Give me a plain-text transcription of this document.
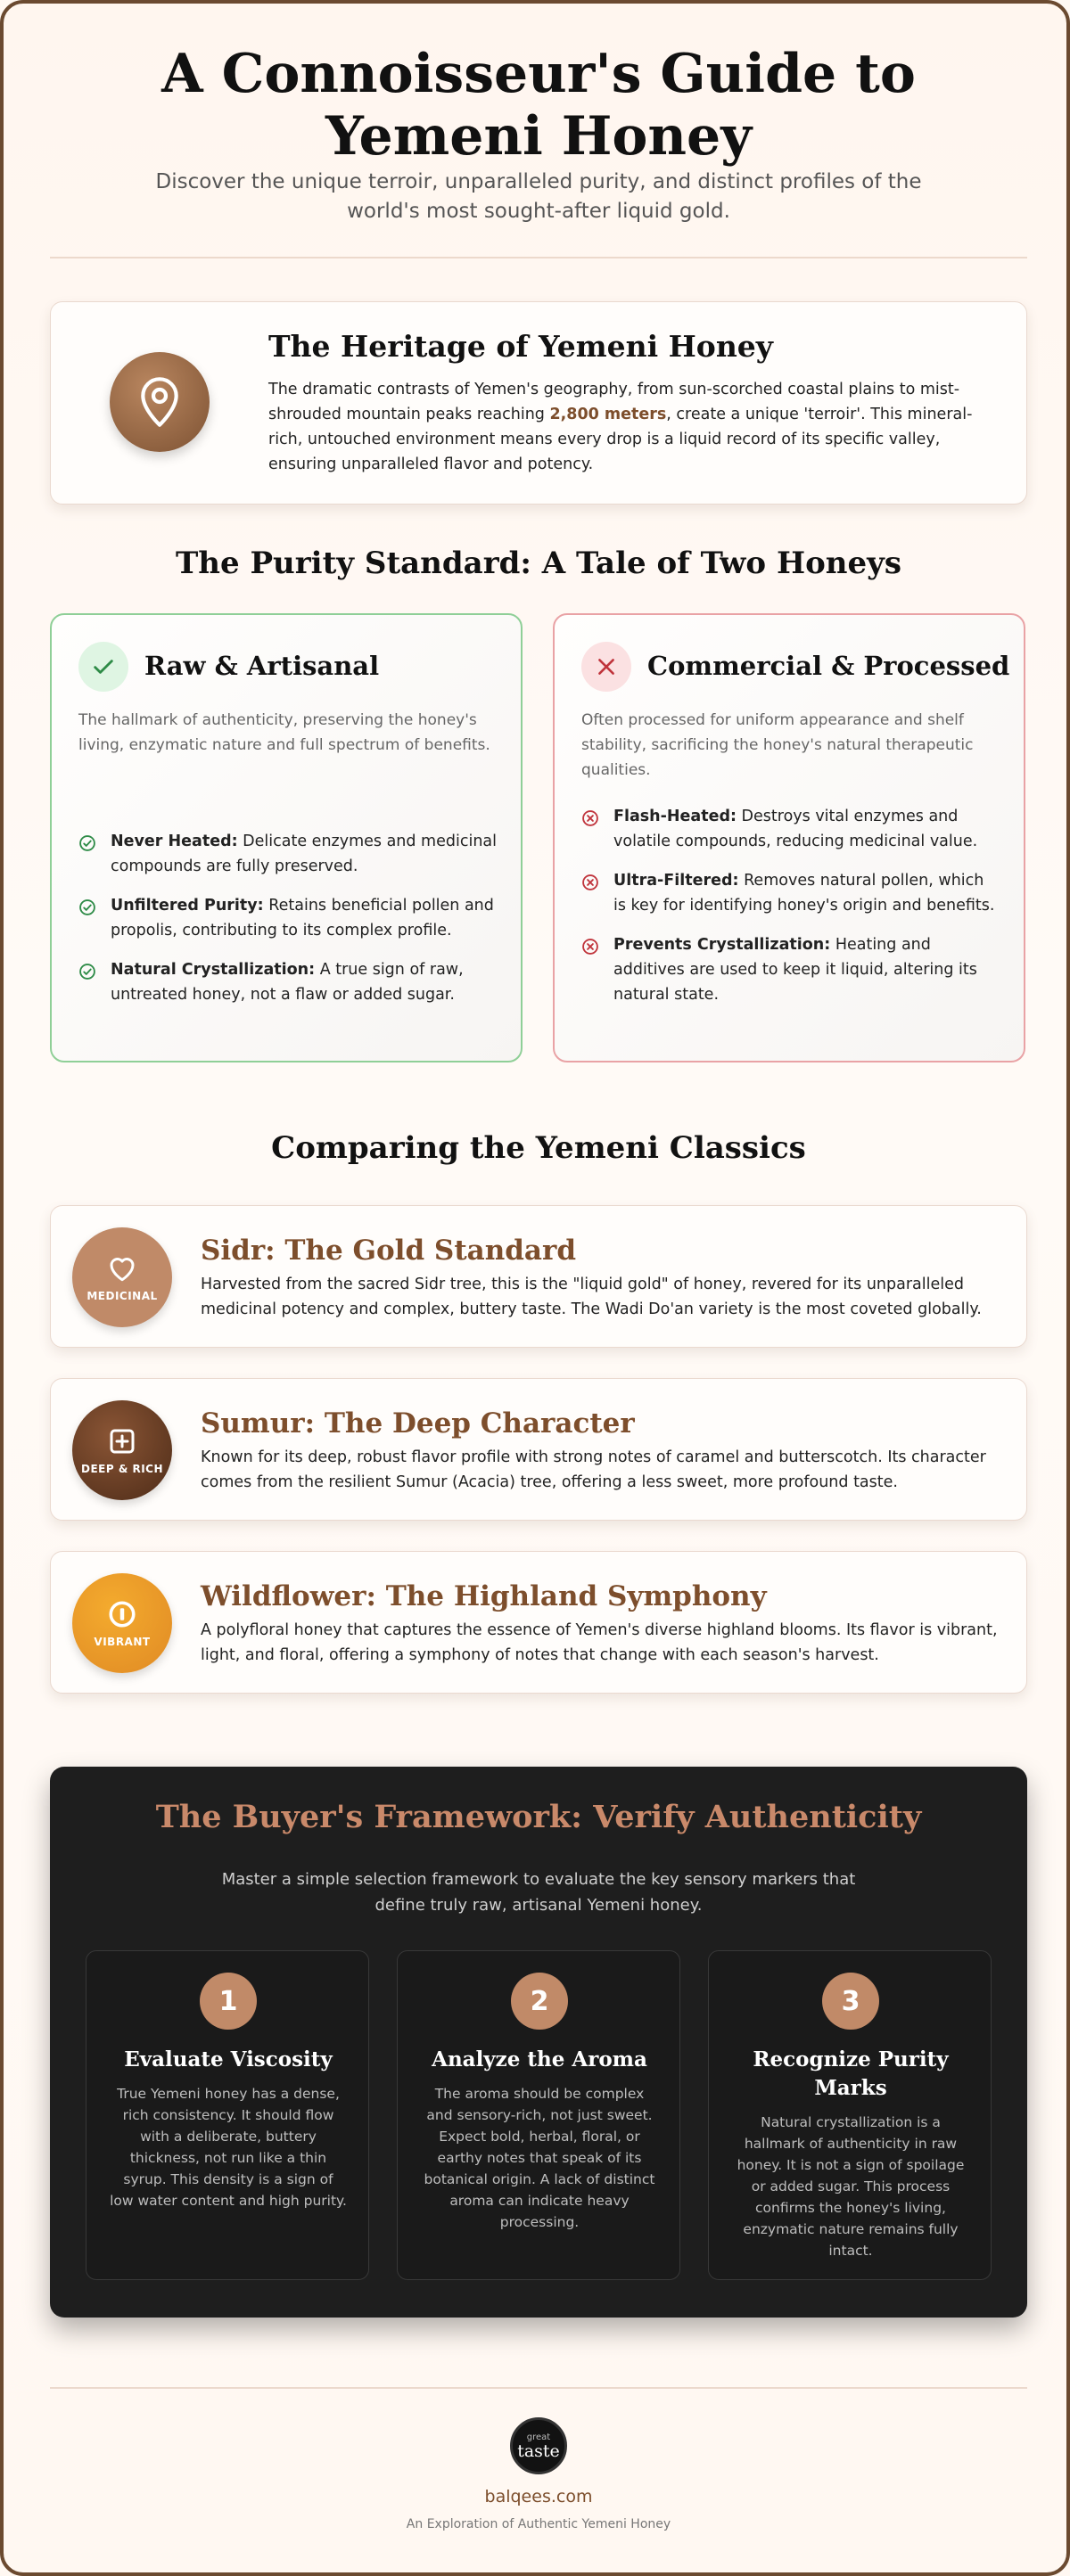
A Connoisseur's Guide to Yemeni Honey

Discover the unique terroir, unparalleled purity, and distinct profiles of the world's most sought-after liquid gold.

The Heritage of Yemeni Honey

The dramatic contrasts of Yemen's geography, from sun-scorched coastal plains to mist-shrouded mountain peaks reaching 2,800 meters, create a unique 'terroir'. This mineral-rich, untouched environment means every drop is a liquid record of its specific valley, ensuring unparalleled flavor and potency.

The Purity Standard: A Tale of Two Honeys
Raw & Artisanal

The hallmark of authenticity, preserving the honey's living, enzymatic nature and full spectrum of benefits.

Never Heated: Delicate enzymes and medicinal compounds are fully preserved.
Unfiltered Purity: Retains beneficial pollen and propolis, contributing to its complex profile.
Natural Crystallization: A true sign of raw, untreated honey, not a flaw or added sugar.
Commercial & Processed

Often processed for uniform appearance and shelf stability, sacrificing the honey's natural therapeutic qualities.

Flash-Heated: Destroys vital enzymes and volatile compounds, reducing medicinal value.
Ultra-Filtered: Removes natural pollen, which is key for identifying honey's origin and benefits.
Prevents Crystallization: Heating and additives are used to keep it liquid, altering its natural state.
Comparing the Yemeni Classics
MEDICINAL
Sidr: The Gold Standard

Harvested from the sacred Sidr tree, this is the "liquid gold" of honey, revered for its unparalleled medicinal potency and complex, buttery taste. The Wadi Do'an variety is the most coveted globally.

DEEP & RICH
Sumur: The Deep Character

Known for its deep, robust flavor profile with strong notes of caramel and butterscotch. Its character comes from the resilient Sumur (Acacia) tree, offering a less sweet, more profound taste.

VIBRANT
Wildflower: The Highland Symphony

A polyfloral honey that captures the essence of Yemen's diverse highland blooms. Its flavor is vibrant, light, and floral, offering a symphony of notes that change with each season's harvest.

The Buyer's Framework: Verify Authenticity

Master a simple selection framework to evaluate the key sensory markers that define truly raw, artisanal Yemeni honey.

1
Evaluate Viscosity

True Yemeni honey has a dense, rich consistency. It should flow with a deliberate, buttery thickness, not run like a thin syrup. This density is a sign of low water content and high purity.

2
Analyze the Aroma

The aroma should be complex and sensory-rich, not just sweet. Expect bold, herbal, floral, or earthy notes that speak of its botanical origin. A lack of distinct aroma can indicate heavy processing.

3
Recognize Purity Marks

Natural crystallization is a hallmark of authenticity in raw honey. It is not a sign of spoilage or added sugar. This process confirms the honey's living, enzymatic nature remains fully intact.

great
taste
balqees.com
An Exploration of Authentic Yemeni Honey
